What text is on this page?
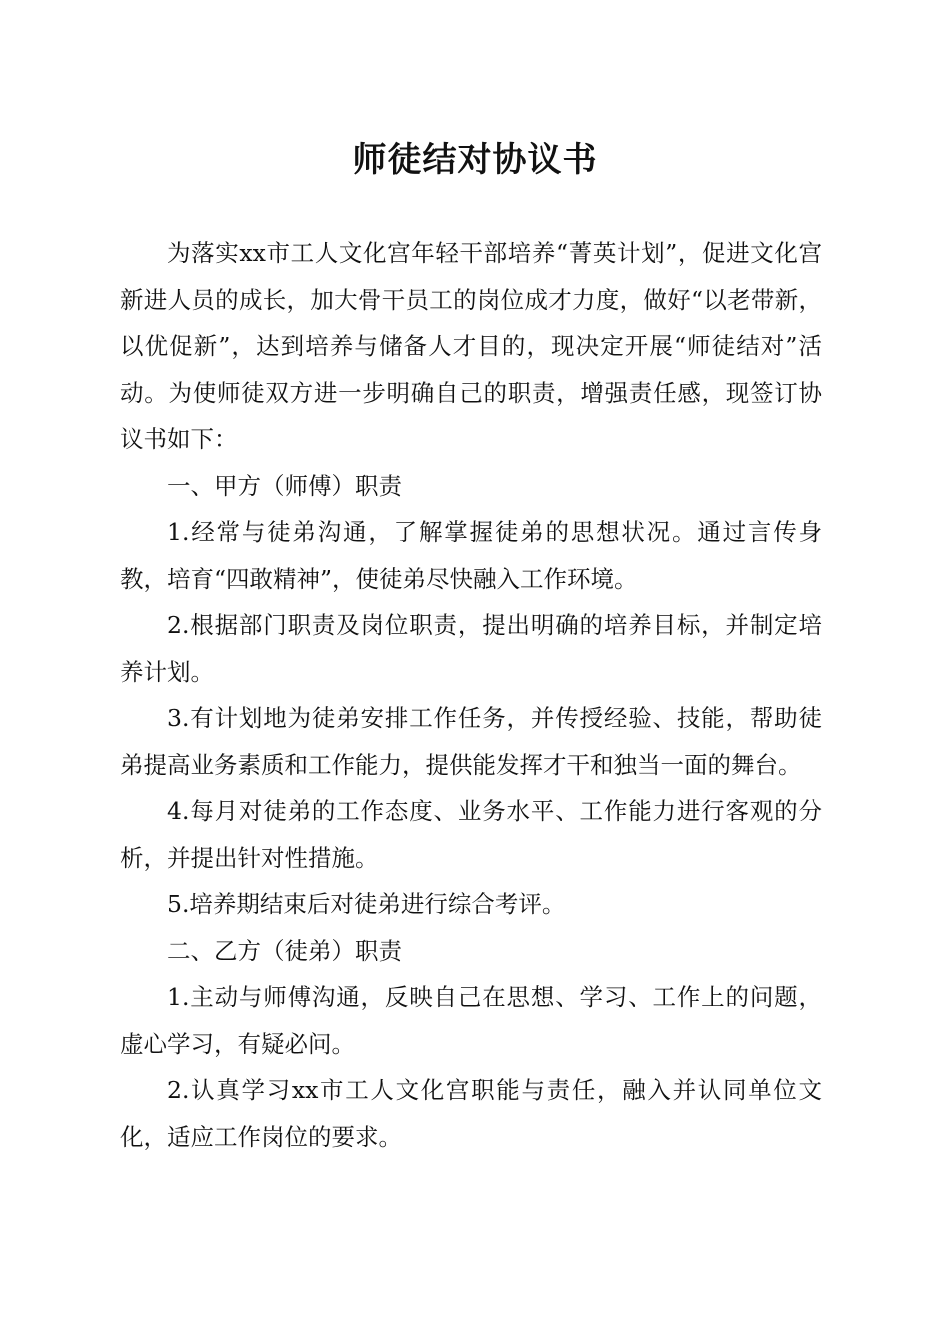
师徒结对协议书

为落实xx市工人文化宫年轻干部培养“菁英计划”，促进文化宫新进人员的成长，加大骨干员工的岗位成才力度，做好“以老带新，以优促新”，达到培养与储备人才目的，现决定开展“师徒结对”活动。为使师徒双方进一步明确自己的职责，增强责任感，现签订协议书如下：

一、甲方（师傅）职责

1.经常与徒弟沟通，了解掌握徒弟的思想状况。通过言传身教，培育“四敢精神”，使徒弟尽快融入工作环境。

2.根据部门职责及岗位职责，提出明确的培养目标，并制定培养计划。

3.有计划地为徒弟安排工作任务，并传授经验、技能，帮助徒弟提高业务素质和工作能力，提供能发挥才干和独当一面的舞台。

4.每月对徒弟的工作态度、业务水平、工作能力进行客观的分析，并提出针对性措施。

5.培养期结束后对徒弟进行综合考评。

二、乙方（徒弟）职责

1.主动与师傅沟通，反映自己在思想、学习、工作上的问题，虚心学习，有疑必问。

2.认真学习xx市工人文化宫职能与责任，融入并认同单位文化，适应工作岗位的要求。
